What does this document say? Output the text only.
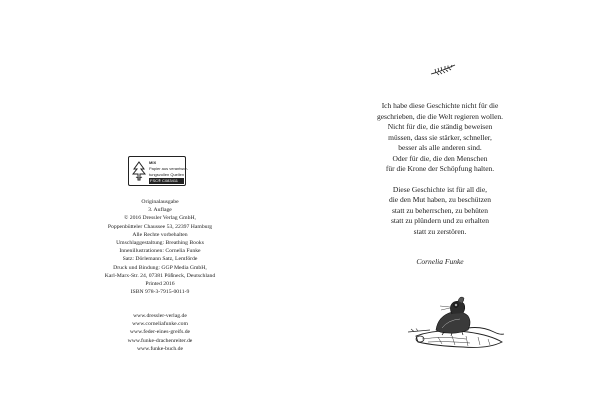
MIX
Papier aus verantwor-
tungsvollen Quellen
FSC® C083411
Originalausgabe
3. Auflage
© 2016 Dressler Verlag GmbH,
Poppenbütteler Chaussee 53, 22397 Hamburg
Alle Rechte vorbehalten
Umschlaggestaltung: Breathing Books
Innenillustrationen: Cornelia Funke
Satz: Dörlemann Satz, Lemförde
Druck und Bindung: GGP Media GmbH,
Karl-Marx-Str. 24, 07381 Pößneck, Deutschland
Printed 2016
ISBN 978-3-7915-0011-9
www.dressler-verlag.de
www.corneliafunke.com
www.feder-eines-greifs.de
www.funke-drachenreiter.de
www.funke-buch.de
Ich habe diese Geschichte nicht für die
geschrieben, die die Welt regieren wollen.
Nicht für die, die ständig beweisen
müssen, dass sie stärker, schneller,
besser als alle anderen sind.
Oder für die, die den Menschen
für die Krone der Schöpfung halten.
Diese Geschichte ist für all die,
die den Mut haben, zu beschützen
statt zu beherrschen, zu behüten
statt zu plündern und zu erhalten
statt zu zerstören.
Cornelia Funke
